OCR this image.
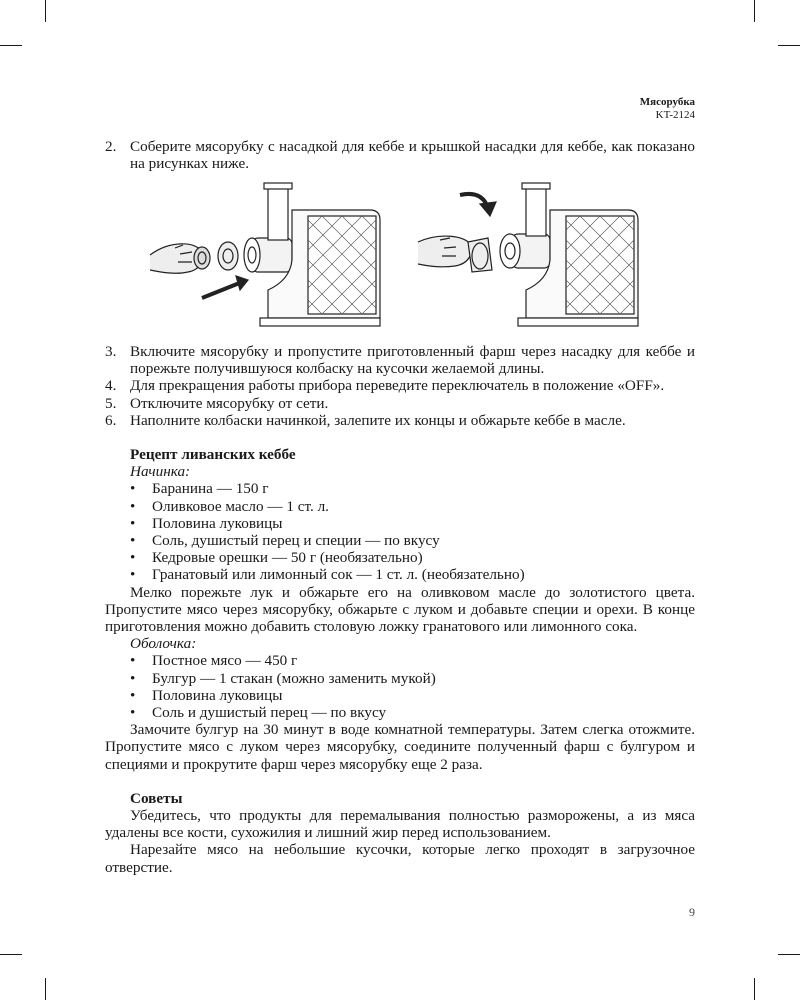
Мясорубка
KT-2124
2. Соберите мясорубку с насадкой для кеббе и крышкой насадки для кеббе, как показано на рисунках ниже.
3. Включите мясорубку и пропустите приготовленный фарш через насадку для кеббе и порежьте получившуюся колбаску на кусочки желаемой длины.
4. Для прекращения работы прибора переведите переключатель в положение «OFF».
5. Отключите мясорубку от сети.
6. Наполните колбаски начинкой, залепите их концы и обжарьте кеббе в масле.
Рецепт ливанских кеббе
Начинка:
•	Баранина — 150 г
•	Оливковое масло — 1 ст. л.
•	Половина луковицы
•	Соль, душистый перец и специи — по вкусу
•	Кедровые орешки — 50 г (необязательно)
•	Гранатовый или лимонный сок — 1 ст. л. (необязательно)

Мелко порежьте лук и обжарьте его на оливковом масле до золотистого цвета. Пропустите мясо через мясорубку, обжарьте с луком и добавьте специи и орехи. В конце приготовления можно добавить столовую ложку гранатового или лимонного сока.

Оболочка:
•	Постное мясо — 450 г
•	Булгур — 1 стакан (можно заменить мукой)
•	Половина луковицы
•	Соль и душистый перец — по вкусу

Замочите булгур на 30 минут в воде комнатной температуры. Затем слегка отожмите. Пропустите мясо с луком через мясорубку, соедините полученный фарш с булгуром и специями и прокрутите фарш через мясорубку еще 2 раза.

Советы

Убедитесь, что продукты для перемалывания полностью разморожены, а из мяса удалены все кости, сухожилия и лишний жир перед использованием.

Нарезайте мясо на небольшие кусочки, которые легко проходят в загрузочное отверстие.

9
